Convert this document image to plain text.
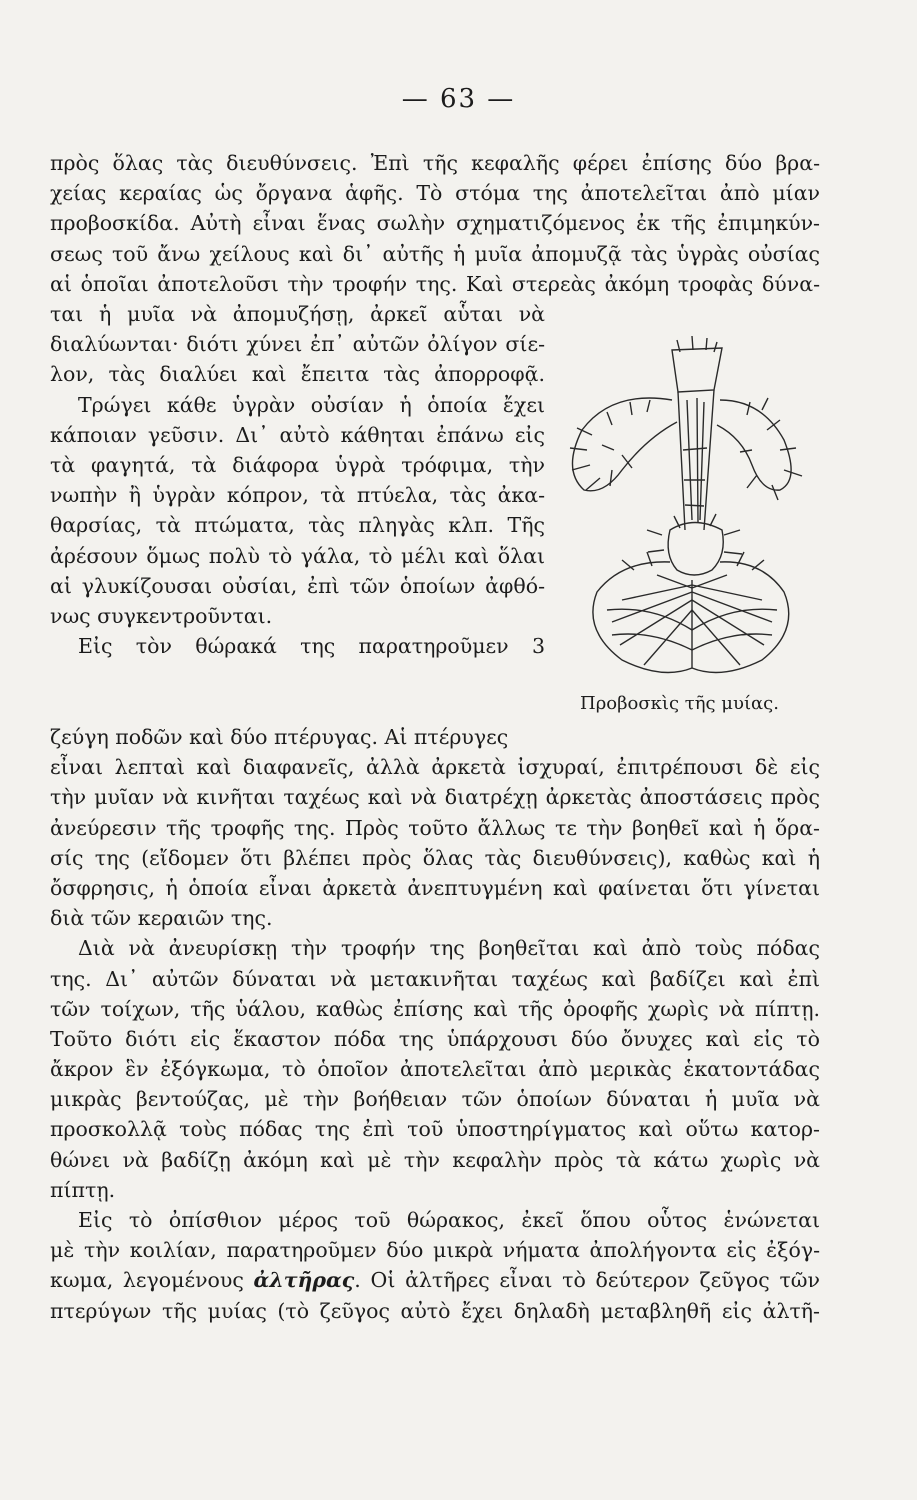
— 63 —
πρὸς ὅλας τὰς διευθύνσεις. Ἐπὶ τῆς κεφαλῆς φέρει ἐπίσης δύο βρα-
χείας κεραίας ὡς ὄργανα ἁφῆς. Τὸ στόμα της ἀποτελεῖται ἀπὸ μίαν
προβοσκίδα. Αὐτὴ εἶναι ἕνας σωλὴν σχηματιζόμενος ἐκ τῆς ἐπιμηκύν-
σεως τοῦ ἄνω χείλους καὶ δι᾽ αὐτῆς ἡ μυῖα ἀπομυζᾷ τὰς ὑγρὰς οὐσίας
αἱ ὁποῖαι ἀποτελοῦσι τὴν τροφήν της. Καὶ στερεὰς ἀκόμη τροφὰς δύνα-
ται ἡ μυῖα νὰ ἀπομυζήσῃ, ἀρκεῖ αὗται νὰ
διαλύωνται· διότι χύνει ἐπ᾽ αὐτῶν ὀλίγον σίε-
λον, τὰς διαλύει καὶ ἔπειτα τὰς ἀπορροφᾷ.
Τρώγει κάθε ὑγρὰν οὐσίαν ἡ ὁποία ἔχει
κάποιαν γεῦσιν. Δι᾽ αὐτὸ κάθηται ἐπάνω εἰς
τὰ φαγητά, τὰ διάφορα ὑγρὰ τρόφιμα, τὴν
νωπὴν ἢ ὑγρὰν κόπρον, τὰ πτύελα, τὰς ἀκα-
θαρσίας, τὰ πτώματα, τὰς πληγὰς κλπ. Τῆς
ἀρέσουν ὅμως πολὺ τὸ γάλα, τὸ μέλι καὶ ὅλαι
αἱ γλυκίζουσαι οὐσίαι, ἐπὶ τῶν ὁποίων ἀφθό-
νως συγκεντροῦνται.
Εἰς τὸν θώρακά της παρατηροῦμεν 3
Προβοσκὶς τῆς μυίας.
ζεύγη ποδῶν καὶ δύο πτέρυγας. Αἱ πτέρυγες
εἶναι λεπταὶ καὶ διαφανεῖς, ἀλλὰ ἀρκετὰ ἰσχυραί, ἐπιτρέπουσι δὲ εἰς
τὴν μυῖαν νὰ κινῆται ταχέως καὶ νὰ διατρέχῃ ἀρκετὰς ἀποστάσεις πρὸς
ἀνεύρεσιν τῆς τροφῆς της. Πρὸς τοῦτο ἄλλως τε τὴν βοηθεῖ καὶ ἡ ὅρα-
σίς της (εἴδομεν ὅτι βλέπει πρὸς ὅλας τὰς διευθύνσεις), καθὼς καὶ ἡ
ὄσφρησις, ἡ ὁποία εἶναι ἀρκετὰ ἀνεπτυγμένη καὶ φαίνεται ὅτι γίνεται
διὰ τῶν κεραιῶν της.
Διὰ νὰ ἀνευρίσκῃ τὴν τροφήν της βοηθεῖται καὶ ἀπὸ τοὺς πόδας
της. Δι᾽ αὐτῶν δύναται νὰ μετακινῆται ταχέως καὶ βαδίζει καὶ ἐπὶ
τῶν τοίχων, τῆς ὑάλου, καθὼς ἐπίσης καὶ τῆς ὀροφῆς χωρὶς νὰ πίπτῃ.
Τοῦτο διότι εἰς ἕκαστον πόδα της ὑπάρχουσι δύο ὄνυχες καὶ εἰς τὸ
ἄκρον ἓν ἐξόγκωμα, τὸ ὁποῖον ἀποτελεῖται ἀπὸ μερικὰς ἑκατοντάδας
μικρὰς βεντούζας, μὲ τὴν βοήθειαν τῶν ὁποίων δύναται ἡ μυῖα νὰ
προσκολλᾷ τοὺς πόδας της ἐπὶ τοῦ ὑποστηρίγματος καὶ οὕτω κατορ-
θώνει νὰ βαδίζῃ ἀκόμη καὶ μὲ τὴν κεφαλὴν πρὸς τὰ κάτω χωρὶς νὰ
πίπτῃ.
Εἰς τὸ ὀπίσθιον μέρος τοῦ θώρακος, ἐκεῖ ὅπου οὗτος ἑνώνεται
μὲ τὴν κοιλίαν, παρατηροῦμεν δύο μικρὰ νήματα ἀπολήγοντα εἰς ἐξόγ-
κωμα, λεγομένους ἀλτῆρας. Οἱ ἀλτῆρες εἶναι τὸ δεύτερον ζεῦγος τῶν
πτερύγων τῆς μυίας (τὸ ζεῦγος αὐτὸ ἔχει δηλαδὴ μεταβληθῆ εἰς ἀλτῆ-
